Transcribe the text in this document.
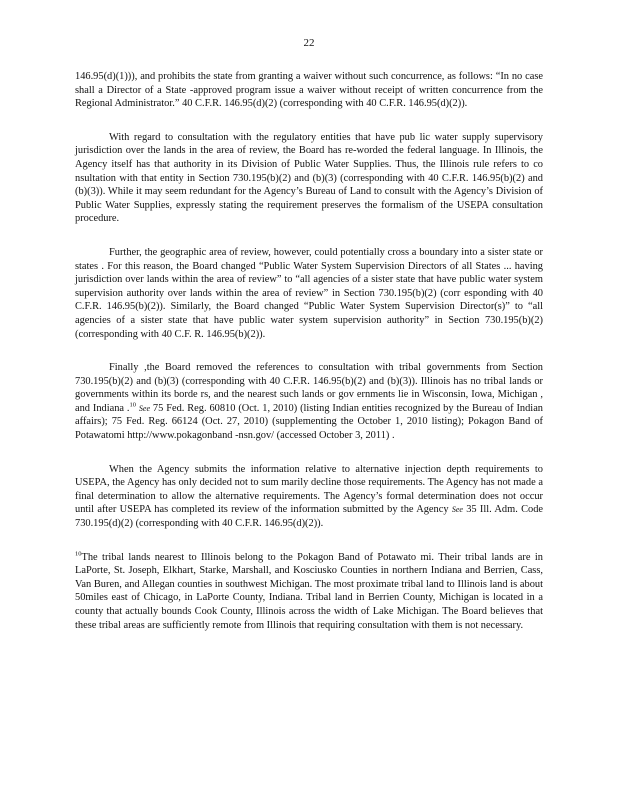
22

146.95(d)(1))), and prohibits the state from granting a waiver without such concurrence, as follows: “In no case shall a Director of a State -approved program issue a waiver without receipt of written concurrence from the Regional Administrator.” 40 C.F.R. 146.95(d)(2) (corresponding with 40 C.F.R. 146.95(d)(2)).

With regard to consultation with the regulatory entities that have pub lic water supply supervisory jurisdiction over the lands in the area of review, the Board has re-worded the federal language. In Illinois, the Agency itself has that authority in its Division of Public Water Supplies. Thus, the Illinois rule refers to co nsultation with that entity in Section 730.195(b)(2) and (b)(3) (corresponding with 40 C.F.R. 146.95(b)(2) and (b)(3)). While it may seem redundant for the Agency’s Bureau of Land to consult with the Agency’s Division of Public Water Supplies, expressly stating the requirement preserves the formalism of the USEPA consultation procedure.

Further, the geographic area of review, however, could potentially cross a boundary into a sister state or states . For this reason, the Board changed “Public Water System Supervision Directors of all States ... having jurisdiction over lands within the area of review” to “all agencies of a sister state that have public water system supervision authority over lands within the area of review” in Section 730.195(b)(2) (corr esponding with 40 C.F.R. 146.95(b)(2)). Similarly, the Board changed “Public Water System Supervision Director(s)” to “all agencies of a sister state that have public water system supervision authority” in Section 730.195(b)(2) (corresponding with 40 C.F. R. 146.95(b)(2)).

Finally ,the Board removed the references to consultation with tribal governments from Section 730.195(b)(2) and (b)(3) (corresponding with 40 C.F.R. 146.95(b)(2) and (b)(3)). Illinois has no tribal lands or governments within its borde rs, and the nearest such lands or gov ernments lie in Wisconsin, Iowa, Michigan , and Indiana .$^{10}$ See 75 Fed. Reg. 60810 (Oct. 1, 2010) (listing Indian entities recognized by the Bureau of Indian affairs); 75 Fed. Reg. 66124 (Oct. 27, 2010) (supplementing the October 1, 2010 listing); Pokagon Band of Potawatomi http://www.pokagonband -nsn.gov/ (accessed October 3, 2011) .

When the Agency submits the information relative to alternative injection depth requirements to USEPA, the Agency has only decided not to sum marily decline those requirements. The Agency has not made a final determination to allow the alternative requirements. The Agency’s formal determination does not occur until after USEPA has completed its review of the information submitted by the Agency See 35 Ill. Adm. Code 730.195(d)(2) (corresponding with 40 C.F.R. 146.95(d)(2)).

$^{10}$The tribal lands nearest to Illinois belong to the Pokagon Band of Potawato mi. Their tribal lands are in LaPorte, St. Joseph, Elkhart, Starke, Marshall, and Kosciusko Counties in northern Indiana and Berrien, Cass, Van Buren, and Allegan counties in southwest Michigan. The most proximate tribal land to Illinois land is about 50miles east of Chicago, in LaPorte County, Indiana. Tribal land in Berrien County, Michigan is located in a county that actually bounds Cook County, Illinois across the width of Lake Michigan. The Board believes that these tribal areas are sufficiently remote from Illinois that requiring consultation with them is not necessary.
